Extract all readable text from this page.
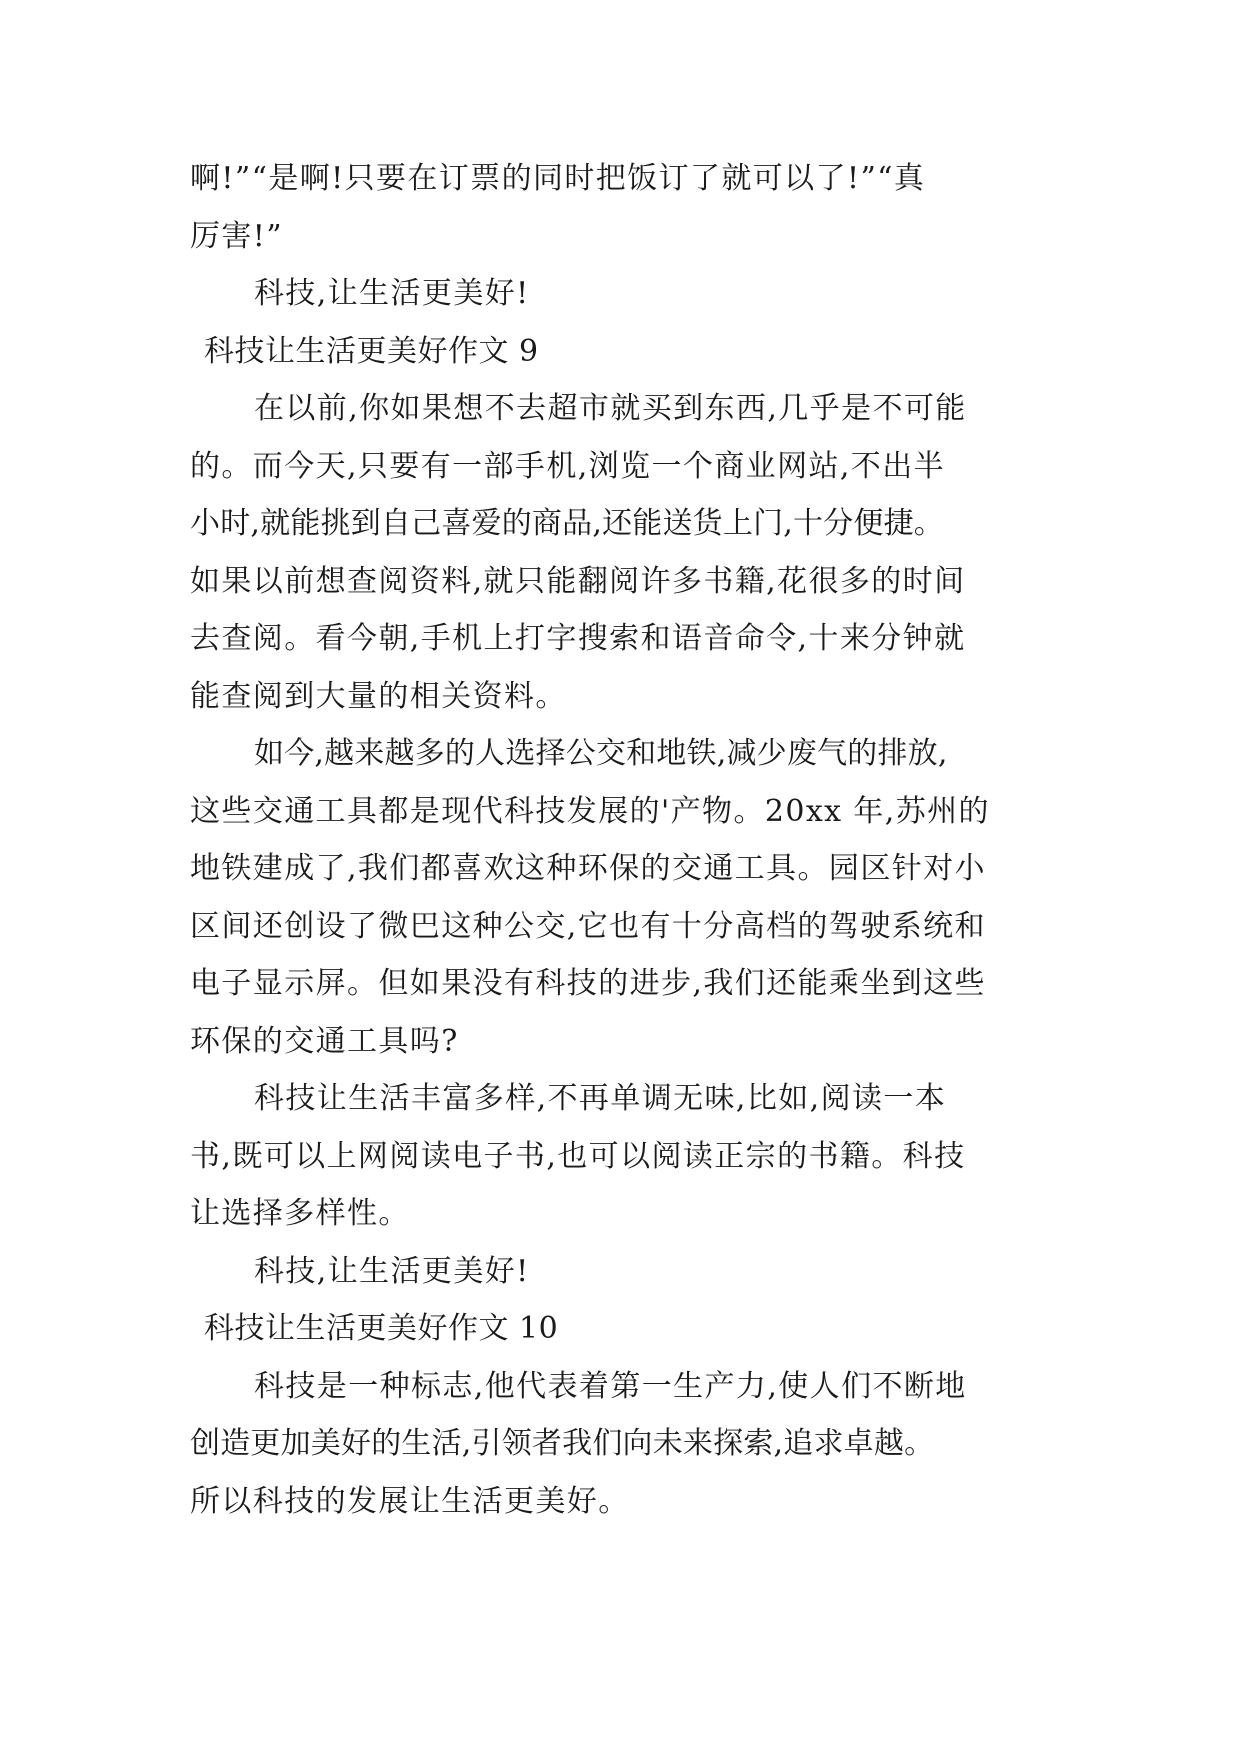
啊!”“是啊!只要在订票的同时把饭订了就可以了!”“真
厉害!”
科技,让生活更美好!
科技让生活更美好作文 9
在以前,你如果想不去超市就买到东西,几乎是不可能
的。而今天,只要有一部手机,浏览一个商业网站,不出半
小时,就能挑到自己喜爱的商品,还能送货上门,十分便捷。
如果以前想查阅资料,就只能翻阅许多书籍,花很多的时间
去查阅。看今朝,手机上打字搜索和语音命令,十来分钟就
能查阅到大量的相关资料。
如今,越来越多的人选择公交和地铁,减少废气的排放,
这些交通工具都是现代科技发展的'产物。20xx 年,苏州的
地铁建成了,我们都喜欢这种环保的交通工具。园区针对小
区间还创设了微巴这种公交,它也有十分高档的驾驶系统和
电子显示屏。但如果没有科技的进步,我们还能乘坐到这些
环保的交通工具吗?
科技让生活丰富多样,不再单调无味,比如,阅读一本
书,既可以上网阅读电子书,也可以阅读正宗的书籍。科技
让选择多样性。
科技,让生活更美好!
科技让生活更美好作文 10
科技是一种标志,他代表着第一生产力,使人们不断地
创造更加美好的生活,引领者我们向未来探索,追求卓越。
所以科技的发展让生活更美好。
